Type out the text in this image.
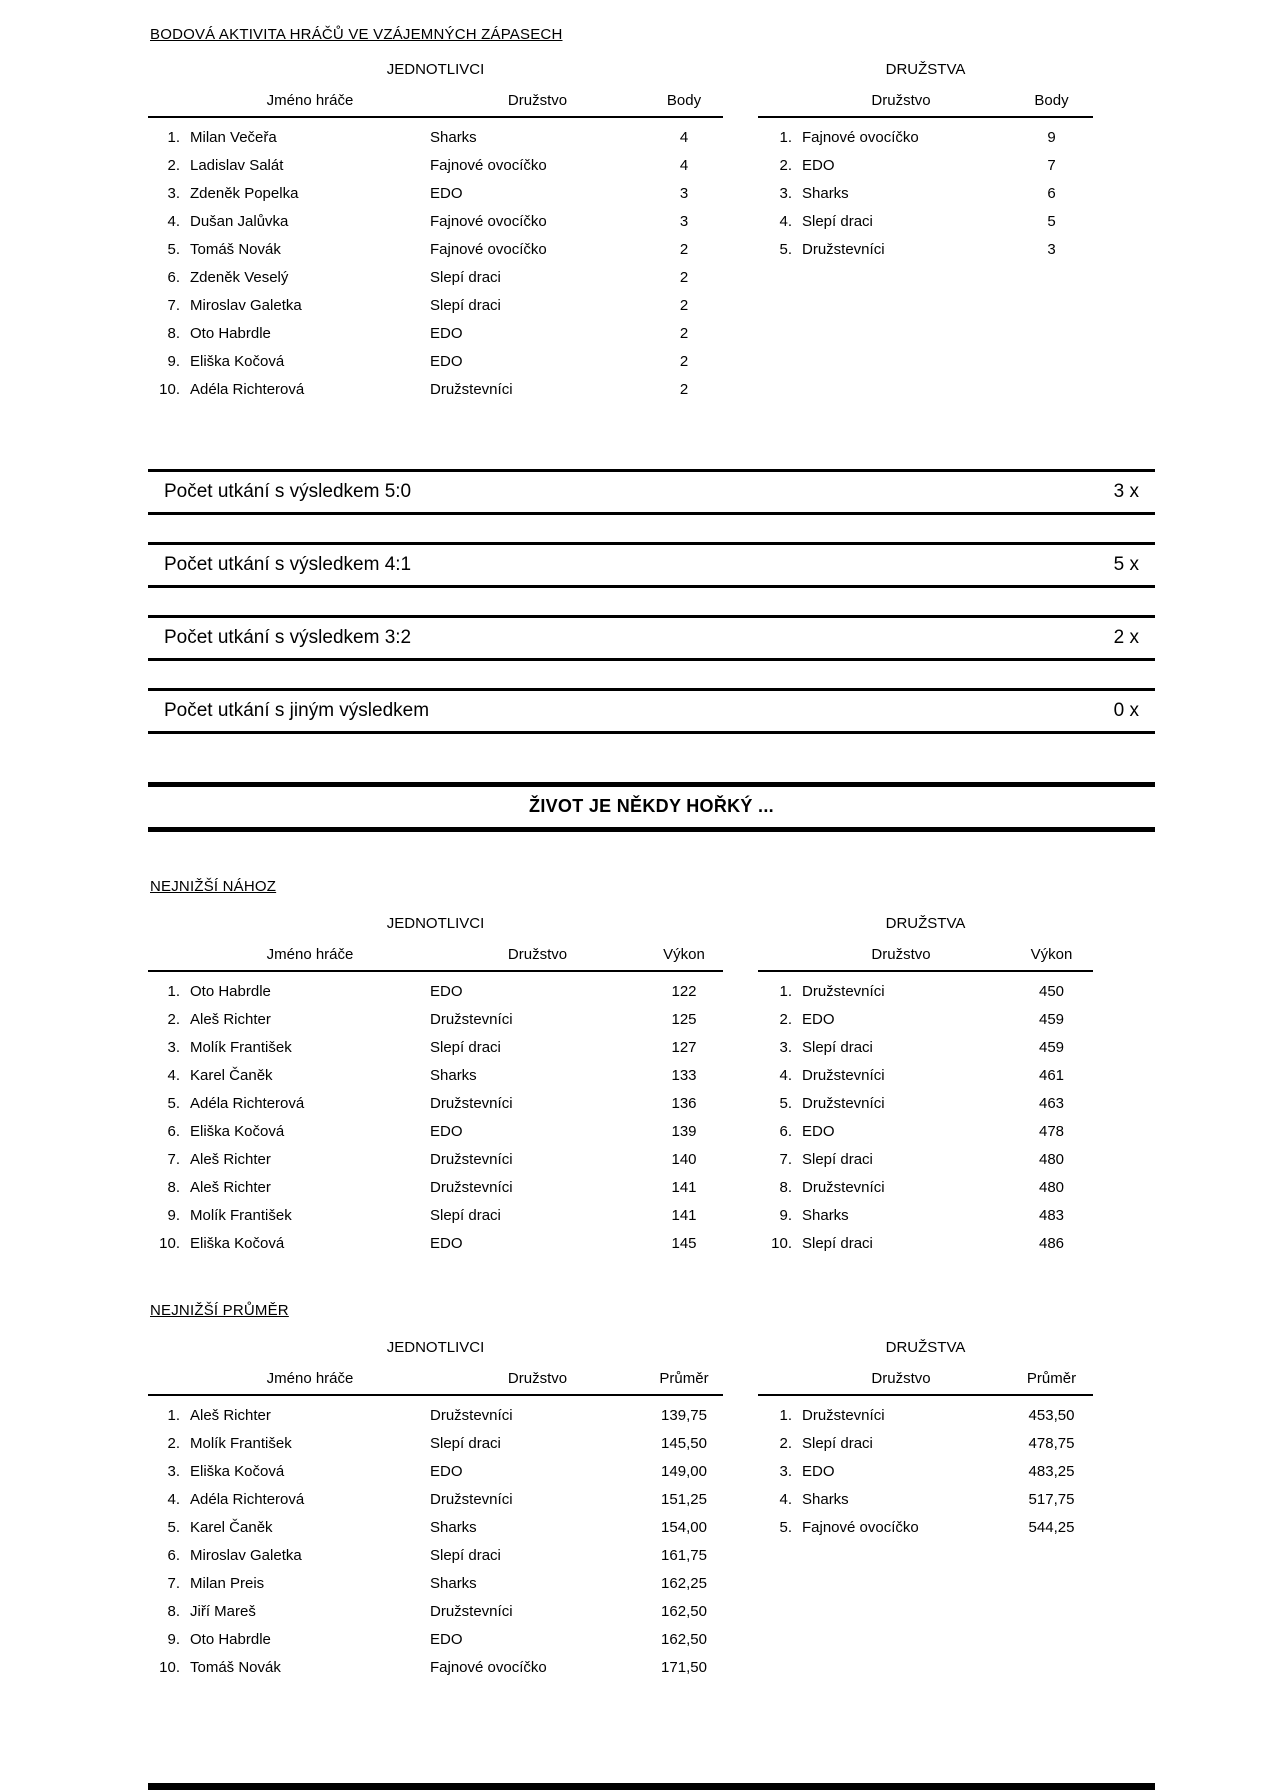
BODOVÁ AKTIVITA HRÁČŮ VE VZÁJEMNÝCH ZÁPASECH
JEDNOTLIVCI
Jméno hráče	Družstvo	Body
1. Milan Večeřa	Sharks	4
2. Ladislav Salát	Fajnové ovocíčko	4
3. Zdeněk Popelka	EDO	3
4. Dušan Jalůvka	Fajnové ovocíčko	3
5. Tomáš Novák	Fajnové ovocíčko	2
6. Zdeněk Veselý	Slepí draci	2
7. Miroslav Galetka	Slepí draci	2
8. Oto Habrdle	EDO	2
9. Eliška Kočová	EDO	2
10. Adéla Richterová	Družstevníci	2
DRUŽSTVA
Družstvo	Body
1. Fajnové ovocíčko	9
2. EDO	7
3. Sharks	6
4. Slepí draci	5
5. Družstevníci	3
Počet utkání s výsledkem 5:0	3 x
Počet utkání s výsledkem 4:1	5 x
Počet utkání s výsledkem 3:2	2 x
Počet utkání s jiným výsledkem	0 x
ŽIVOT JE NĚKDY HOŘKÝ ...
NEJNIŽŠÍ NÁHOZ
JEDNOTLIVCI
Jméno hráče	Družstvo	Výkon
1. Oto Habrdle	EDO	122
2. Aleš Richter	Družstevníci	125
3. Molík František	Slepí draci	127
4. Karel Čaněk	Sharks	133
5. Adéla Richterová	Družstevníci	136
6. Eliška Kočová	EDO	139
7. Aleš Richter	Družstevníci	140
8. Aleš Richter	Družstevníci	141
9. Molík František	Slepí draci	141
10. Eliška Kočová	EDO	145
DRUŽSTVA
Družstvo	Výkon
1. Družstevníci	450
2. EDO	459
3. Slepí draci	459
4. Družstevníci	461
5. Družstevníci	463
6. EDO	478
7. Slepí draci	480
8. Družstevníci	480
9. Sharks	483
10. Slepí draci	486
NEJNIŽŠÍ PRŮMĚR
JEDNOTLIVCI
Jméno hráče	Družstvo	Průměr
1. Aleš Richter	Družstevníci	139,75
2. Molík František	Slepí draci	145,50
3. Eliška Kočová	EDO	149,00
4. Adéla Richterová	Družstevníci	151,25
5. Karel Čaněk	Sharks	154,00
6. Miroslav Galetka	Slepí draci	161,75
7. Milan Preis	Sharks	162,25
8. Jiří Mareš	Družstevníci	162,50
9. Oto Habrdle	EDO	162,50
10. Tomáš Novák	Fajnové ovocíčko	171,50
DRUŽSTVA
Družstvo	Průměr
1. Družstevníci	453,50
2. Slepí draci	478,75
3. EDO	483,25
4. Sharks	517,75
5. Fajnové ovocíčko	544,25
